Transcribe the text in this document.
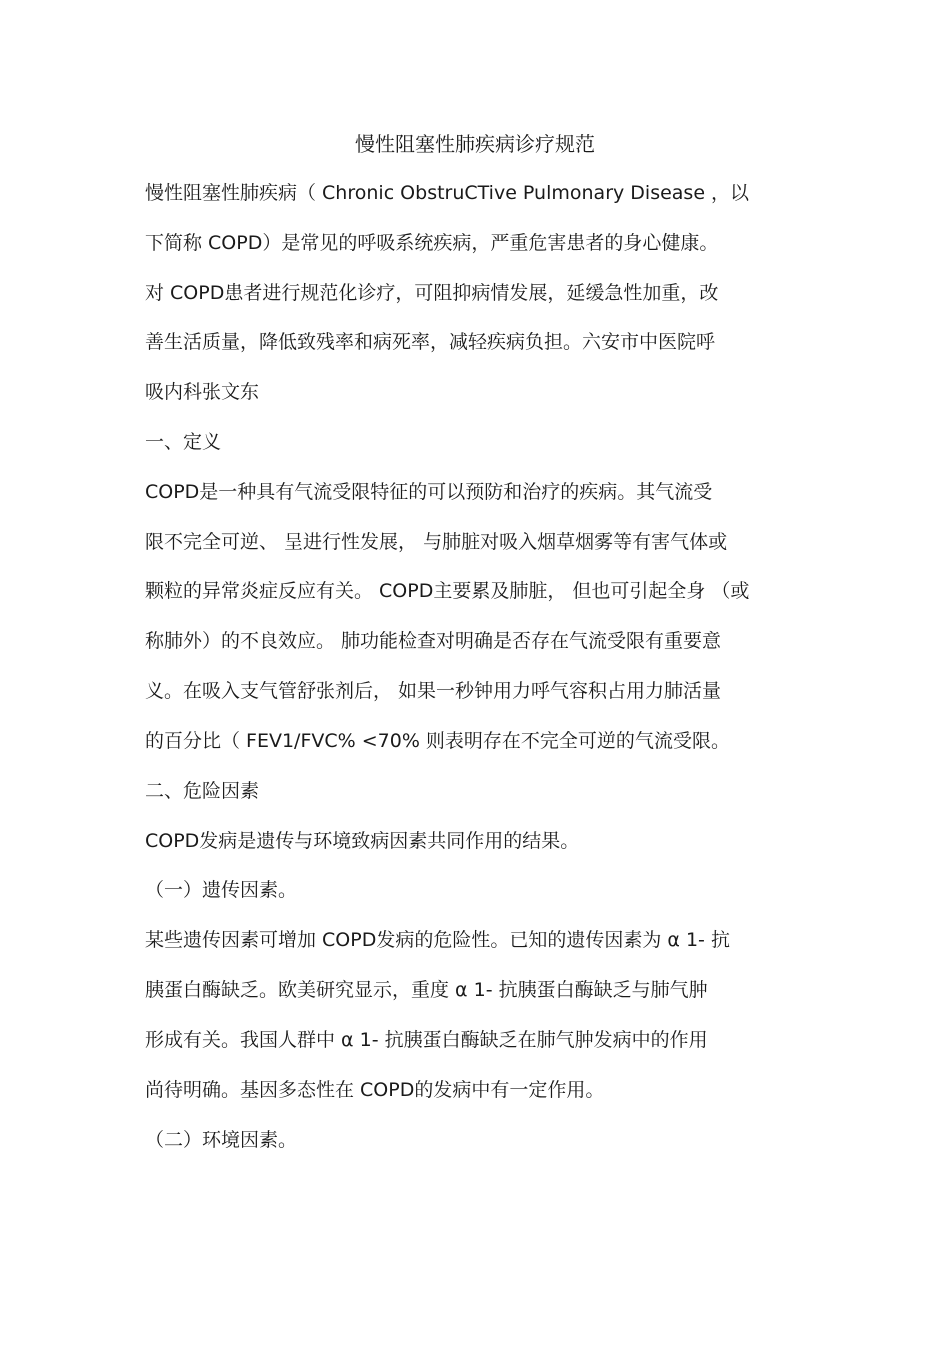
慢性阻塞性肺疾病诊疗规范
慢性阻塞性肺疾病（ Chronic ObstruCTive Pulmonary Disease ，以
下简称 COPD）是常见的呼吸系统疾病，严重危害患者的身心健康。
对 COPD患者进行规范化诊疗，可阻抑病情发展，延缓急性加重，改
善生活质量，降低致残率和病死率，减轻疾病负担。六安市中医院呼
吸内科张文东
一、定义
COPD是一种具有气流受限特征的可以预防和治疗的疾病。其气流受
限不完全可逆、 呈进行性发展， 与肺脏对吸入烟草烟雾等有害气体或
颗粒的异常炎症反应有关。 COPD主要累及肺脏， 但也可引起全身 （或
称肺外）的不良效应。 肺功能检查对明确是否存在气流受限有重要意
义。在吸入支气管舒张剂后， 如果一秒钟用力呼气容积占用力肺活量
的百分比（ FEV1/FVC% <70% 则表明存在不完全可逆的气流受限。
二、危险因素
COPD发病是遗传与环境致病因素共同作用的结果。
（一）遗传因素。
某些遗传因素可增加 COPD发病的危险性。已知的遗传因素为 α 1- 抗
胰蛋白酶缺乏。欧美研究显示，重度 α 1- 抗胰蛋白酶缺乏与肺气肿
形成有关。我国人群中 α 1- 抗胰蛋白酶缺乏在肺气肿发病中的作用
尚待明确。基因多态性在 COPD的发病中有一定作用。
（二）环境因素。
